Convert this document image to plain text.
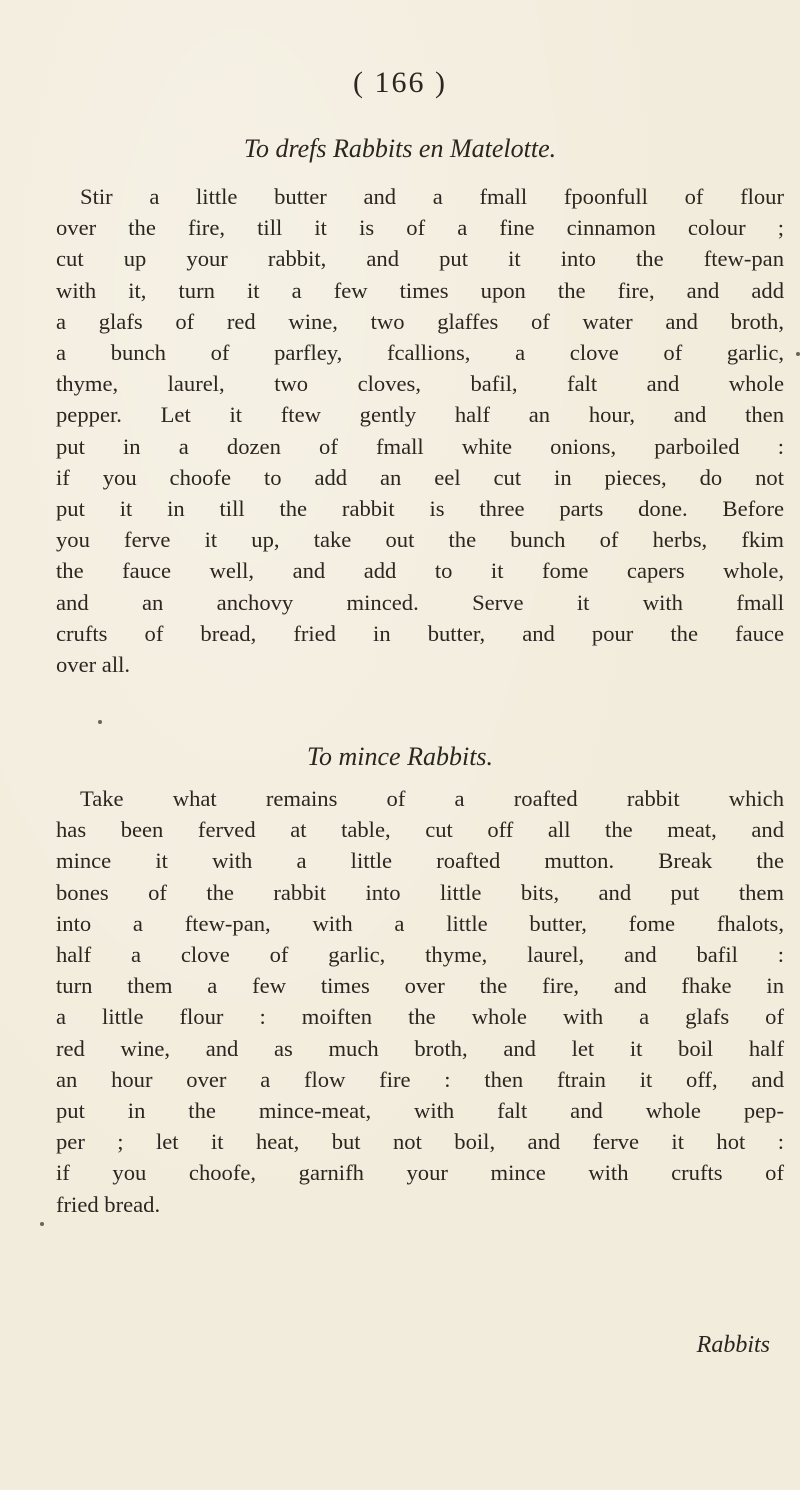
( 166 )
To drefs Rabbits en Matelotte.
Stir a little butter and a fmall fpoonfull of flour
over the fire, till it is of a fine cinnamon colour ;
cut up your rabbit, and put it into the ftew-pan
with it, turn it a few times upon the fire, and add
a glafs of red wine, two glaffes of water and broth,
a bunch of parfley, fcallions, a clove of garlic,
thyme, laurel, two cloves, bafil, falt and whole
pepper. Let it ftew gently half an hour, and then
put in a dozen of fmall white onions, parboiled :
if you choofe to add an eel cut in pieces, do not
put it in till the rabbit is three parts done. Before
you ferve it up, take out the bunch of herbs, fkim
the fauce well, and add to it fome capers whole,
and an anchovy minced. Serve it with fmall
crufts of bread, fried in butter, and pour the fauce
over all.
To mince Rabbits.
Take what remains of a roafted rabbit which
has been ferved at table, cut off all the meat, and
mince it with a little roafted mutton. Break the
bones of the rabbit into little bits, and put them
into a ftew-pan, with a little butter, fome fhalots,
half a clove of garlic, thyme, laurel, and bafil :
turn them a few times over the fire, and fhake in
a little flour : moiften the whole with a glafs of
red wine, and as much broth, and let it boil half
an hour over a flow fire : then ftrain it off, and
put in the mince-meat, with falt and whole pep-
per ; let it heat, but not boil, and ferve it hot :
if you choofe, garnifh your mince with crufts of
fried bread.
Rabbits
